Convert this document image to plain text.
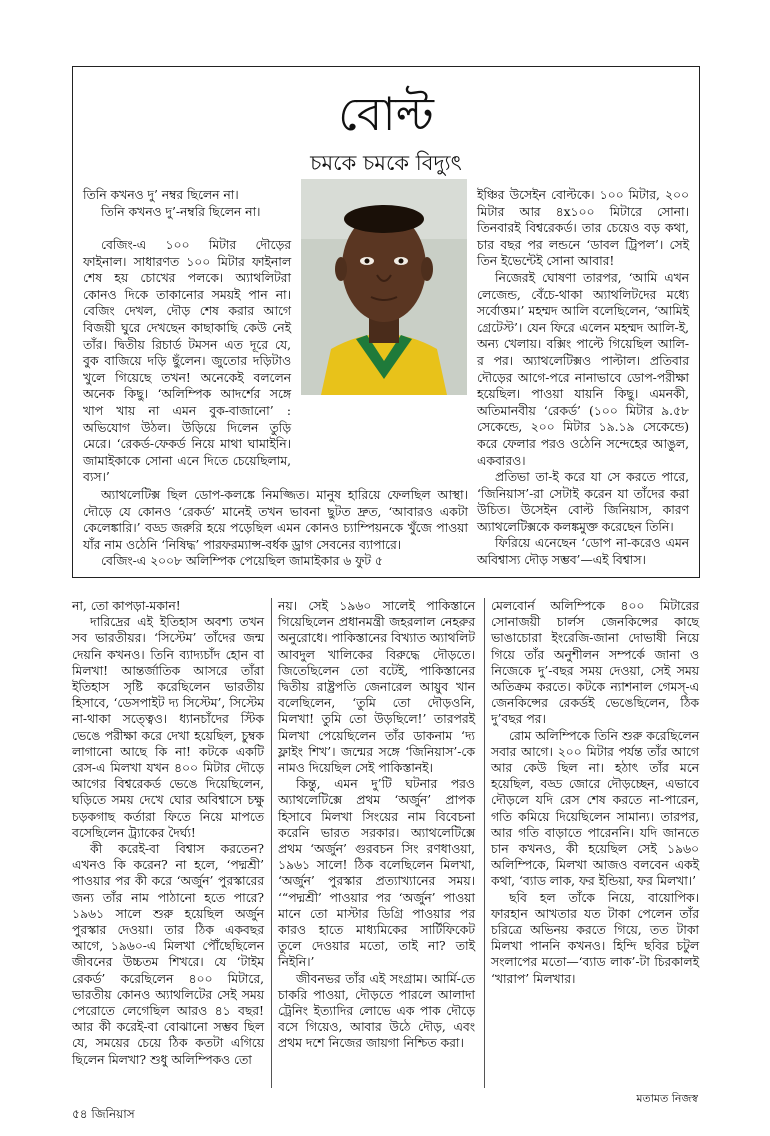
বোল্ট
চমকে চমকে বিদ্যুৎ

তিনি কখনও দু’ নম্বর ছিলেন না।

তিনি কখনও দু’-নম্বরি ছিলেন না।

বেজিং-এ ১০০ মিটার দৌড়ের ফাইনাল। সাধারণত ১০০ মিটার ফাইনাল শেষ হয় চোখের পলকে। অ্যাথলিটরা কোনও দিকে তাকানোর সময়ই পান না। বেজিং দেখল, দৌড় শেষ করার আগে বিজয়ী ঘুরে দেখছেন কাছাকাছি কেউ নেই তাঁর। দ্বিতীয় রিচার্ড টমসন এত দূরে যে, বুক বাজিয়ে দড়ি ছুঁলেন। জুতোর দড়িটাও খুলে গিয়েছে তখন! অনেকেই বললেন অনেক কিছু। ‘অলিম্পিক আদর্শের সঙ্গে খাপ খায় না এমন বুক-বাজানো’ : অভিযোগ উঠল। উড়িয়ে দিলেন তুড়ি মেরে। ‘রেকর্ড-ফেকর্ড নিয়ে মাথা ঘামাইনি। জামাইকাকে সোনা এনে দিতে চেয়েছিলাম, ব্যস।’

ইঞ্চির উসেইন বোল্টকে। ১০০ মিটার, ২০০ মিটার আর ৪x১০০ মিটারে সোনা। তিনবারই বিশ্বরেকর্ড। তার চেয়েও বড় কথা, চার বছর পর লন্ডনে ‘ডাবল ট্রিপল’। সেই তিন ইভেন্টেই সোনা আবার!

নিজেরই ঘোষণা তারপর, ‘আমি এখন লেজেন্ড, বেঁচে-থাকা অ্যাথলিটদের মধ্যে সর্বোত্তম।’ মহম্মদ আলি বলেছিলেন, ‘আমিই গ্রেটেস্ট’। যেন ফিরে এলেন মহম্মদ আলি-ই, অন্য খেলায়। বক্সিং পাল্টে গিয়েছিল আলি-র পর। অ্যাথলেটিক্সও পাল্টাল। প্রতিবার দৌড়ের আগে-পরে নানাভাবে ডোপ-পরীক্ষা হয়েছিল। পাওয়া যায়নি কিছু। এমনকী, অতিমানবীয় ‘রেকর্ড’ (১০০ মিটার ৯.৫৮ সেকেন্ডে, ২০০ মিটার ১৯.১৯ সেকেন্ডে) করে ফেলার পরও ওঠেনি সন্দেহের আঙুল, একবারও।

প্রতিভা তা-ই করে যা সে করতে পারে, ‘জিনিয়াস’-রা সেটাই করেন যা তাঁদের করা উচিত। উসেইন বোল্ট জিনিয়াস, কারণ অ্যাথলেটিক্সকে কলঙ্কমুক্ত করেছেন তিনি।

ফিরিয়ে এনেছেন ‘ডোপ না-করেও এমন অবিশ্বাস্য দৌড় সম্ভব’—এই বিশ্বাস।

অ্যাথলেটিক্স ছিল ডোপ-কলঙ্কে নিমজ্জিত। মানুষ হারিয়ে ফেলছিল আস্থা। দৌড়ে যে কোনও ‘রেকর্ড’ মানেই তখন ভাবনা ছুটত দ্রুত, ‘আবারও একটা কেলেঙ্কারি।’ বড্ড জরুরি হয়ে পড়েছিল এমন কোনও চ্যাম্পিয়নকে খুঁজে পাওয়া যাঁর নাম ওঠেনি ‘নিষিদ্ধ’ পারফরম্যান্স-বর্ধক ড্রাগ সেবনের ব্যাপারে।

বেজিং-এ ২০০৮ অলিম্পিক পেয়েছিল জামাইকার ৬ ফুট ৫

না, তো কাপড়া-মকান!

দারিদ্রের এই ইতিহাস অবশ্য তখন সব ভারতীয়র। ‘সিস্টেম’ তাঁদের জন্ম দেয়নি কখনও। তিনি ব্যাদ্যচাঁদ হোন বা মিলখা! আন্তর্জাতিক আসরে তাঁরা ইতিহাস সৃষ্টি করেছিলেন ভারতীয় হিসাবে, ‘ডেসপাইট দ্য সিস্টেম’, সিস্টেম না-থাকা সত্ত্বেও। ধ্যানচাঁদের স্টিক ভেঙে পরীক্ষা করে দেখা হয়েছিল, চুম্বক লাগানো আছে কি না! কটকে একটি রেস-এ মিলখা যখন ৪০০ মিটার দৌড়ে আগের বিশ্বরেকর্ড ভেঙে দিয়েছিলেন, ঘড়িতে সময় দেখে ঘোর অবিশ্বাসে চক্ষু চড়কগাছ কর্তারা ফিতে নিয়ে মাপতে বসেছিলেন ট্র্যাকের দৈর্ঘ্য!

কী করেই-বা বিশ্বাস করতেন? এখনও কি করেন? না হলে, ‘পদ্মশ্রী’ পাওয়ার পর কী করে ‘অর্জুন’ পুরস্কারের জন্য তাঁর নাম পাঠানো হতে পারে? ১৯৬১ সালে শুরু হয়েছিল অর্জুন পুরস্কার দেওয়া। তার ঠিক একবছর আগে, ১৯৬০-এ মিলখা পৌঁছেছিলেন জীবনের উচ্চতম শিখরে। যে ‘টাইম রেকর্ড’ করেছিলেন ৪০০ মিটারে, ভারতীয় কোনও অ্যাথলিটের সেই সময় পেরোতে লেগেছিল আরও ৪১ বছর! আর কী করেই-বা বোঝানো সম্ভব ছিল যে, সময়ের চেয়ে ঠিক কতটা এগিয়ে ছিলেন মিলখা? শুধু অলিম্পিকও তো

নয়। সেই ১৯৬০ সালেই পাকিস্তানে গিয়েছিলেন প্রধানমন্ত্রী জহরলাল নেহরুর অনুরোধে। পাকিস্তানের বিখ্যাত অ্যাথলিট আবদুল খালিকের বিরুদ্ধে দৌড়তে। জিতেছিলেন তো বটেই, পাকিস্তানের দ্বিতীয় রাষ্ট্রপতি জেনারেল আয়ুব খান বলেছিলেন, ‘তুমি তো দৌড়ওনি, মিলখা! তুমি তো উড়ছিলে!’ তারপরই মিলখা পেয়েছিলেন তাঁর ডাকনাম ‘দ্য ফ্লাইং শিখ’। জন্মের সঙ্গে ‘জিনিয়াস’-কে নামও দিয়েছিল সেই পাকিস্তানই।

কিন্তু, এমন দু’টি ঘটনার পরও অ্যাথলেটিক্সে প্রথম ‘অর্জুন’ প্রাপক হিসাবে মিলখা সিংয়ের নাম বিবেচনা করেনি ভারত সরকার। অ্যাথলেটিক্সে প্রথম ‘অর্জুন’ গুরবচন সিং রণধাওয়া, ১৯৬১ সালে! ঠিক বলেছিলেন মিলখা, ‘অর্জুন’ পুরস্কার প্রত্যাখ্যানের সময়। ‘“পদ্মশ্রী’ পাওয়ার পর ‘অর্জুন’ পাওয়া মানে তো মাস্টার ডিগ্রি পাওয়ার পর কারও হাতে মাধ্যমিকের সার্টিফিকেট তুলে দেওয়ার মতো, তাই না? তাই নিইনি।’

জীবনভর তাঁর এই সংগ্রাম। আর্মি-তে চাকরি পাওয়া, দৌড়তে পারলে আলাদা ট্রেনিং ইত্যাদির লোভে এক পাক দৌড়ে বসে গিয়েও, আবার উঠে দৌড়, এবং প্রথম দশে নিজের জায়গা নিশ্চিত করা।

মেলবোর্ন অলিম্পিকে ৪০০ মিটারের সোনাজয়ী চার্লস জেনকিন্সের কাছে ভাঙাচোরা ইংরেজি-জানা দোভাষী নিয়ে গিয়ে তাঁর অনুশীলন সম্পর্কে জানা ও নিজেকে দু’-বছর সময় দেওয়া, সেই সময় অতিক্রম করতে। কটকে ন্যাশনাল গেমস্-এ জেনকিন্সের রেকর্ডই ভেঙেছিলেন, ঠিক দু’বছর পর।

রোম অলিম্পিকে তিনি শুরু করেছিলেন সবার আগে। ২০০ মিটার পর্যন্ত তাঁর আগে আর কেউ ছিল না। হঠাৎ তাঁর মনে হয়েছিল, বড্ড জোরে দৌড়চ্ছেন, এভাবে দৌড়লে যদি রেস শেষ করতে না-পারেন, গতি কমিয়ে দিয়েছিলেন সামান্য। তারপর, আর গতি বাড়াতে পারেননি। যদি জানতে চান কখনও, কী হয়েছিল সেই ১৯৬০ অলিম্পিকে, মিলখা আজও বলবেন একই কথা, ‘ব্যাড লাক, ফর ইন্ডিয়া, ফর মিলখা।’

ছবি হল তাঁকে নিয়ে, বায়োপিক। ফারহান আখতার যত টাকা পেলেন তাঁর চরিত্রে অভিনয় করতে গিয়ে, তত টাকা মিলখা পাননি কখনও। হিন্দি ছবির চটুল সংলাপের মতো—‘ব্যাড লাক’-টা চিরকালই ‘খারাপ’ মিলখার।

মতামত নিজস্ব
৫৪ জিনিয়াস
